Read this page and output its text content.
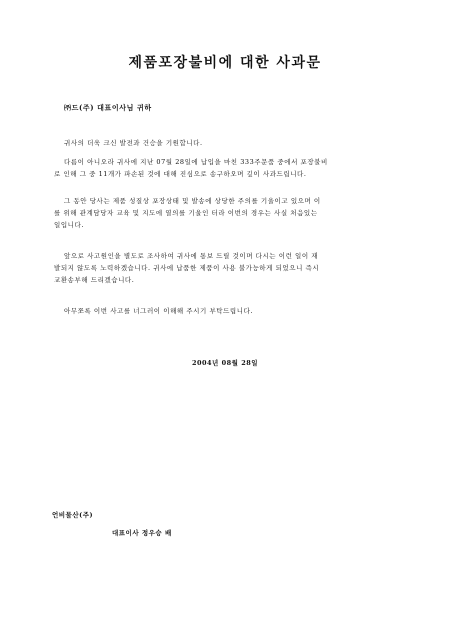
제품포장불비에 대한 사과문
㈜드(주) 대표이사님 귀하
귀사의 더욱 크신 발전과 건승을 기원합니다.
다름이 아니오라 귀사에 지난 07월 28일에 납입을 마친 333주문품 중에서 포장불비
로 인해 그 중 11개가 파손된 것에 대해 진심으로 송구하오며 깊이 사과드립니다.
그 동안 당사는 제품 성질상 포장상태 및 발송에 상당한 주의를 기울이고 있으며 이
를 위해 관계담당자 교육 및 지도에 열의를 기울인 터라 이번의 경우는 사실 처음있는
일입니다.
앞으로 사고원인을 별도로 조사하여 귀사에 통보 드릴 것이며 다시는 이런 일이 재
발되지 않도록 노력하겠습니다. 귀사에 납품한 제품이 사용 불가능하게 되었으니 즉시
교환송부해 드리겠습니다.
아무쪼록 이번 사고를 너그러이 이해해 주시기 부탁드립니다.
2004년 08월 28일
언비물산(주)
대표이사 정우승 배
